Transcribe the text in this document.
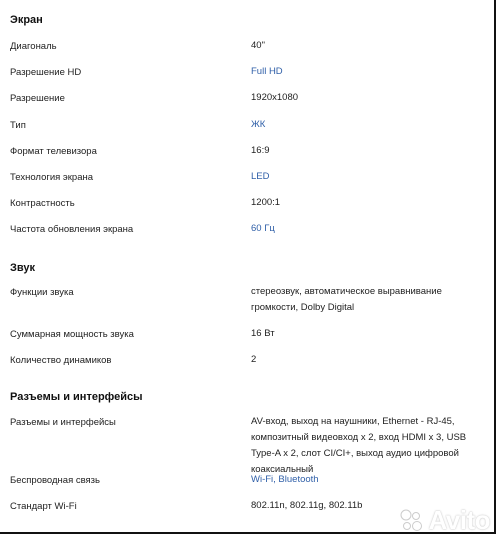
Экран
Диагональ	40"
Разрешение HD	Full HD
Разрешение	1920x1080
Тип	ЖК
Формат телевизора	16:9
Технология экрана	LED
Контрастность	1200:1
Частота обновления экрана	60 Гц
Звук
Функции звука	стереозвук, автоматическое выравнивание громкости, Dolby Digital
Суммарная мощность звука	16 Вт
Количество динамиков	2
Разъемы и интерфейсы
Разъемы и интерфейсы	AV-вход, выход на наушники, Ethernet - RJ-45, композитный видеовход x 2, вход HDMI x 3, USB Type-A x 2, слот CI/CI+, выход аудио цифровой коаксиальный
Беспроводная связь	Wi-Fi, Bluetooth
Стандарт Wi-Fi	802.11n, 802.11g, 802.11b	Avito
